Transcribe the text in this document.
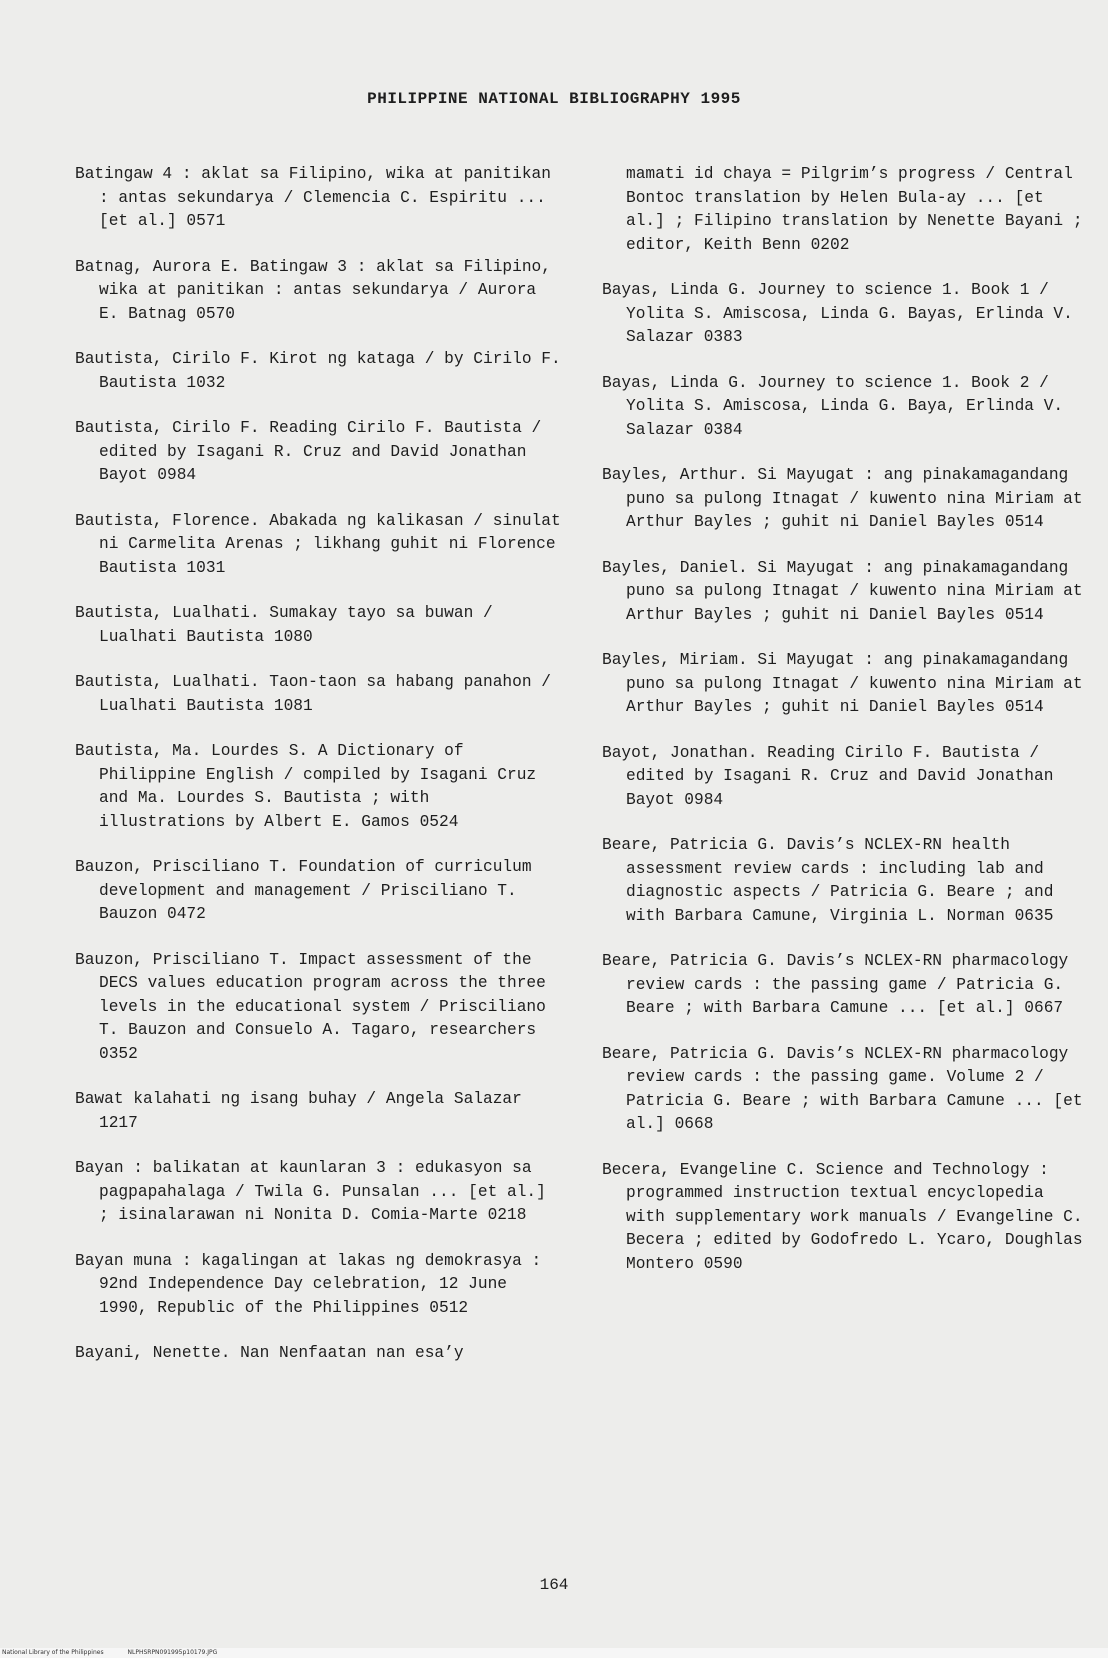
PHILIPPINE NATIONAL BIBLIOGRAPHY 1995

Batingaw 4 : aklat sa Filipino, wika at panitikan : antas sekundarya / Clemencia C. Espiritu ... [et al.] 0571

Batnag, Aurora E. Batingaw 3 : aklat sa Filipino, wika at panitikan : antas sekundarya / Aurora E. Batnag 0570

Bautista, Cirilo F. Kirot ng kataga / by Cirilo F. Bautista 1032

Bautista, Cirilo F. Reading Cirilo F. Bautista / edited by Isagani R. Cruz and David Jonathan Bayot 0984

Bautista, Florence. Abakada ng kalikasan / sinulat ni Carmelita Arenas ; likhang guhit ni Florence Bautista 1031

Bautista, Lualhati. Sumakay tayo sa buwan / Lualhati Bautista 1080

Bautista, Lualhati. Taon-taon sa habang panahon / Lualhati Bautista 1081

Bautista, Ma. Lourdes S. A Dictionary of Philippine English / compiled by Isagani Cruz and Ma. Lourdes S. Bautista ; with illustrations by Albert E. Gamos 0524

Bauzon, Prisciliano T. Foundation of curriculum development and management / Prisciliano T. Bauzon 0472

Bauzon, Prisciliano T. Impact assessment of the DECS values education program across the three levels in the educational system / Prisciliano T. Bauzon and Consuelo A. Tagaro, researchers 0352

Bawat kalahati ng isang buhay / Angela Salazar 1217

Bayan : balikatan at kaunlaran 3 : edukasyon sa pagpapahalaga / Twila G. Punsalan ... [et al.] ; isinalarawan ni Nonita D. Comia-Marte 0218

Bayan muna : kagalingan at lakas ng demokrasya : 92nd Independence Day celebration, 12 June 1990, Republic of the Philippines 0512

Bayani, Nenette. Nan Nenfaatan nan esa’y

mamati id chaya = Pilgrim’s progress / Central Bontoc translation by Helen Bula-ay ... [et al.] ; Filipino translation by Nenette Bayani ; editor, Keith Benn 0202

Bayas, Linda G. Journey to science 1. Book 1 / Yolita S. Amiscosa, Linda G. Bayas, Erlinda V. Salazar 0383

Bayas, Linda G. Journey to science 1. Book 2 / Yolita S. Amiscosa, Linda G. Baya, Erlinda V. Salazar 0384

Bayles, Arthur. Si Mayugat : ang pinakamagandang puno sa pulong Itnagat / kuwento nina Miriam at Arthur Bayles ; guhit ni Daniel Bayles 0514

Bayles, Daniel. Si Mayugat : ang pinakamagandang puno sa pulong Itnagat / kuwento nina Miriam at Arthur Bayles ; guhit ni Daniel Bayles 0514

Bayles, Miriam. Si Mayugat : ang pinakamagandang puno sa pulong Itnagat / kuwento nina Miriam at Arthur Bayles ; guhit ni Daniel Bayles 0514

Bayot, Jonathan. Reading Cirilo F. Bautista / edited by Isagani R. Cruz and David Jonathan Bayot 0984

Beare, Patricia G. Davis’s NCLEX-RN health assessment review cards : including lab and diagnostic aspects / Patricia G. Beare ; and with Barbara Camune, Virginia L. Norman 0635

Beare, Patricia G. Davis’s NCLEX-RN pharmacology review cards : the passing game / Patricia G. Beare ; with Barbara Camune ... [et al.] 0667

Beare, Patricia G. Davis’s NCLEX-RN pharmacology review cards : the passing game. Volume 2 / Patricia G. Beare ; with Barbara Camune ... [et al.] 0668

Becera, Evangeline C. Science and Technology : programmed instruction textual encyclopedia with supplementary work manuals / Evangeline C. Becera ; edited by Godofredo L. Ycaro, Doughlas Montero 0590

164
National Library of the Philippines	NLPHSRPN091995p10179.JPG
